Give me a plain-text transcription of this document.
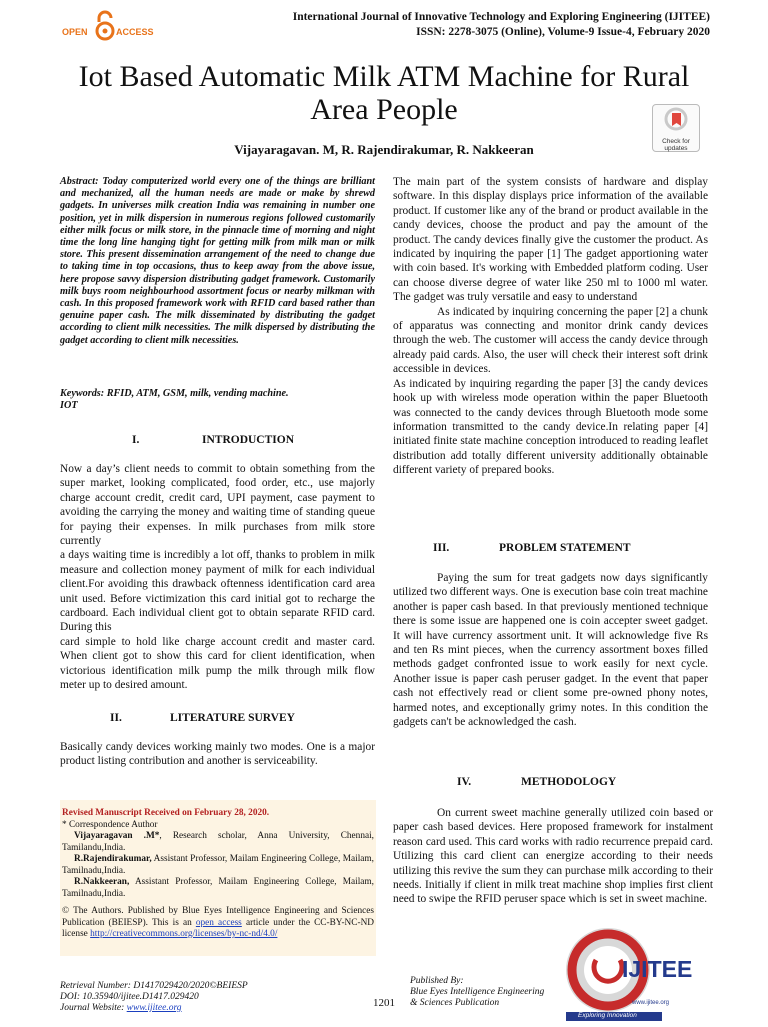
OPEN	ACCESS
International Journal of Innovative Technology and Exploring Engineering (IJITEE)
ISSN: 2278-3075 (Online), Volume-9 Issue-4, February 2020
Iot Based Automatic Milk ATM Machine for Rural
Area People
Check for
updates
Vijayaragavan. M, R. Rajendirakumar, R. Nakkeeran
Abstract: Today computerized world every one of the things are brilliant and mechanized, all the human needs are made or make by shrewd gadgets. In universes milk creation India was remaining in number one position, yet in milk dispersion in numerous regions followed customarily either milk focus or milk store, in the pinnacle time of morning and night time the long line hanging tight for getting milk from milk man or milk store. This present dissemination arrangement of the need to change due to taking time in top occasions, thus to keep away from the above issue, here propose savvy dispersion distributing gadget framework. Customarily milk buys room neighbourhood assortment focus or nearby milkman with cash. In this proposed framework work with RFID card based rather than genuine paper cash. The milk disseminated by distributing the gadget according to client milk necessities. The milk dispersed by distributing the gadget according to client milk necessities.
Keywords: RFID, ATM, GSM, milk, vending machine.
IOT
I.	INTRODUCTION

Now a day’s client needs to commit to obtain something from the super market, looking complicated, food order, etc., use majorly charge account credit, credit card, UPI payment, case payment to avoiding the carrying the money and waiting time of standing queue for paying their expenses. In milk purchases from milk store currently

a days waiting time is incredibly a lot off, thanks to problem in milk measure and collection money payment of milk for each individual client.For avoiding this drawback oftenness identification card area unit used. Before victimization this card initial got to recharge the cardboard. Each individual client got to obtain separate RFID card. During this

card simple to hold like charge account credit and master card. When client got to show this card for client identification, when victorious identification milk pump the milk through milk flow meter up to desired amount.

II.	LITERATURE SURVEY

Basically candy devices working mainly two modes. One is a major product listing contribution and another is serviceability.

Revised Manuscript Received on February 28, 2020.
* Correspondence Author
Vijayaragavan .M*, Research scholar, Anna University, Chennai, Tamilandu,India.
R.Rajendirakumar, Assistant Professor, Mailam Engineering College, Mailam, Tamilnadu,India.
R.Nakkeeran, Assistant Professor, Mailam Engineering College, Mailam, Tamilnadu,India.
© The Authors. Published by Blue Eyes Intelligence Engineering and Sciences Publication (BEIESP). This is an open access article under the CC-BY-NC-ND license http://creativecommons.org/licenses/by-nc-nd/4.0/

The main part of the system consists of hardware and display software. In this display displays price information of the available product. If customer like any of the brand or product available in the candy devices, choose the product and pay the amount of the product. The candy devices finally give the customer the product. As indicated by inquiring the paper [1] The gadget apportioning water with coin based. It's working with Embedded platform coding. User can choose diverse degree of water like 250 ml to 1000 ml water. The gadget was truly versatile and easy to understand

As indicated by inquiring concerning the paper [2] a chunk of apparatus was connecting and monitor drink candy devices through the web. The customer will access the candy device through already paid cards. Also, the user will check their interest soft drink accessible in devices.

As indicated by inquiring regarding the paper [3] the candy devices hook up with wireless mode operation within the paper Bluetooth was connected to the candy devices through Bluetooth mode some information transmitted to the candy device.In relating paper [4] initiated finite state machine conception introduced to reading leaflet distribution add totally different university additionally obtainable different variety of prepared books.

III.	PROBLEM STATEMENT

Paying the sum for treat gadgets now days significantly utilized two different ways. One is execution base coin treat machine another is paper cash based. In that previously mentioned technique there is some issue are happened one is coin accepter sweet gadget. It will have currency assortment unit. It will acknowledge five Rs and ten Rs mint pieces, when the currency assortment boxes filled methods gadget confronted issue to work easily for next cycle. Another issue is paper cash peruser gadget. In the event that paper cash not effectively read or client some pre-owned phony notes, harmed notes, and exceptionally grimy notes. In this condition the gadgets can't be acknowledged the cash.

IV.	METHODOLOGY

On current sweet machine generally utilized coin based or paper cash based devices. Here proposed framework for instalment reason card used. This card works with radio recurrence prepaid card. Utilizing this card client can energize according to their needs utilizing this revive the sum they can purchase milk according to their needs. Initially if client in milk treat machine shop implies first client need to swipe the RFID peruser space which is set in sweet machine.

IJITEE
Exploring Innovation
www.ijitee.org
Retrieval Number: D1417029420/2020©BEIESP
DOI: 10.35940/ijitee.D1417.029420
Journal Website: www.ijitee.org	1201
Published By:
Blue Eyes Intelligence Engineering
& Sciences Publication
